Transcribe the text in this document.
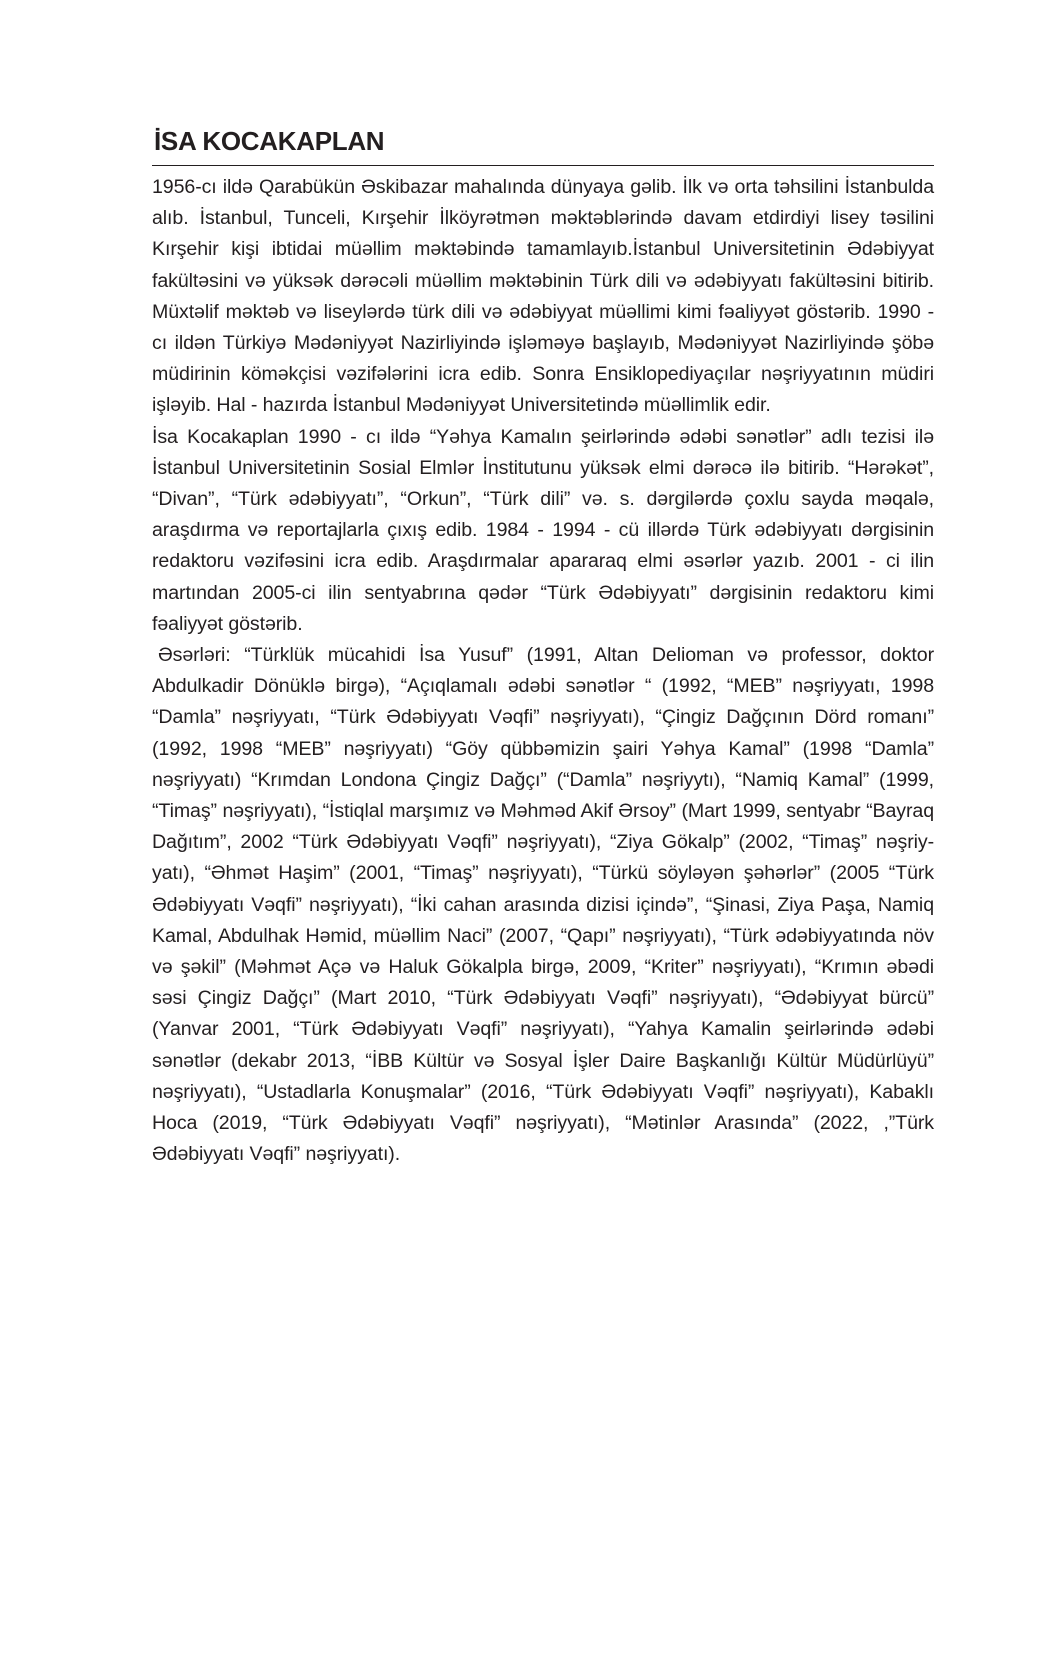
İSA KOCAKAPLAN

1956-cı ildə Qarabükün Əskibazar mahalında dünyaya gəlib. İlk və orta təhsilini İstanbulda alıb. İstanbul, Tunceli, Kırşehir İlköyrətmən məktəblərində davam etdirdiyi lisey təsilini Kırşehir kişi ibtidai müəllim məktəbində tamamlayıb.İstanbul Universitetinin Ədəbiyyat fakültəsini və yüksək dərəcəli müəllim məktəbinin Türk dili və ədəbiyyatı fakültəsini bitirib. Müxtəlif məktəb və liseylərdə türk dili və ədəbiyyat müəllimi kimi fəaliyyət göstərib. 1990 - cı ildən Türkiyə Mədəniyyət Nazirliyində işləməyə başlayıb, Mədəniyyət Nazirliyində şöbə müdirinin köməkçisi vəzifələrini icra edib. Sonra Ensiklopediyaçılar nəşriyyatının müdiri işləyib. Hal - hazırda İstanbul Mədəniyyət Universitetində müəllimlik edir.

İsa Kocakaplan 1990 - cı ildə “Yəhya Kamalın şeirlərində ədəbi sənətlər” adlı tezisi ilə İstanbul Universitetinin Sosial Elmlər İnstitutunu yüksək elmi dərəcə ilə bitirib. “Hərəkət”, “Divan”, “Türk ədəbiyyatı”, “Orkun”, “Türk dili” və. s. dərgilərdə çoxlu sayda məqalə, araşdırma və reportajlarla çıxış edib. 1984 - 1994 - cü illərdə Türk ədəbiyyatı dərgisinin redaktoru vəzifəsini icra edib. Araşdırmalar apararaq elmi əsərlər yazıb. 2001 - ci ilin martından 2005-ci ilin sentyabrına qədər “Türk Ədəbiyyatı” dərgisinin redaktoru kimi fəaliyyət göstərib.

Əsərləri: “Türklük mücahidi İsa Yusuf” (1991, Altan Delioman və professor, doktor Abdulkadir Dönüklə birgə), “Açıqlamalı ədəbi sənətlər “ (1992, “MEB” nəşriyyatı, 1998 “Damla” nəşriyyatı, “Türk Ədəbiyyatı Vəqfi” nəşriyyatı), “Çingiz Dağçının Dörd romanı” (1992, 1998 “MEB” nəşriyyatı) “Göy qübbəmizin şairi Yəhya Kamal” (1998 “Damla” nəşriyyatı) “Krımdan Londona Çingiz Dağçı” (“Damla” nəşriyytı), “Namiq Kamal” (1999, “Timaş” nəşriyyatı), “İstiqlal marşımız və Məhməd Akif Ərsoy” (Mart 1999, sentyabr “Bayraq Dağıtım”, 2002 “Türk Ədəbiyyatı Vəqfi” nəşriyyatı), “Ziya Gökalp” (2002, “Timaş” nəşriy- yatı), “Əhmət Haşim” (2001, “Timaş” nəşriyyatı), “Türkü söyləyən şəhərlər” (2005 “Türk Ədəbiyyatı Vəqfi” nəşriyyatı), “İki cahan arasında dizisi içində”, “Şinasi, Ziya Paşa, Namiq Kamal, Abdulhak Həmid, müəllim Naci” (2007, “Qapı” nəşriyyatı), “Türk ədəbiyyatında növ və şəkil” (Məhmət Açə və Haluk Gökalpla birgə, 2009, “Kriter” nəşriyyatı), “Krımın əbədi səsi Çingiz Dağçı” (Mart 2010, “Türk Ədəbiyyatı Vəqfi” nəşriyyatı), “Ədəbiyyat bürcü” (Yanvar 2001, “Türk Ədəbiyyatı Vəqfi” nəşriyyatı), “Yahya Kamalin şeirlərində ədəbi sənətlər (dekabr 2013, “İBB Kültür və Sosyal İşler Daire Başkanlığı Kültür Müdürlüyü” nəşriyyatı), “Ustadlarla Konuşmalar” (2016, “Türk Ədəbiyyatı Vəqfi” nəşriyyatı), Kabaklı Hoca (2019, “Türk Ədəbiyyatı Vəqfi” nəşriyyatı), “Mətinlər Arasında” (2022, ,”Türk Ədəbiyyatı Vəqfi” nəşriyyatı).
